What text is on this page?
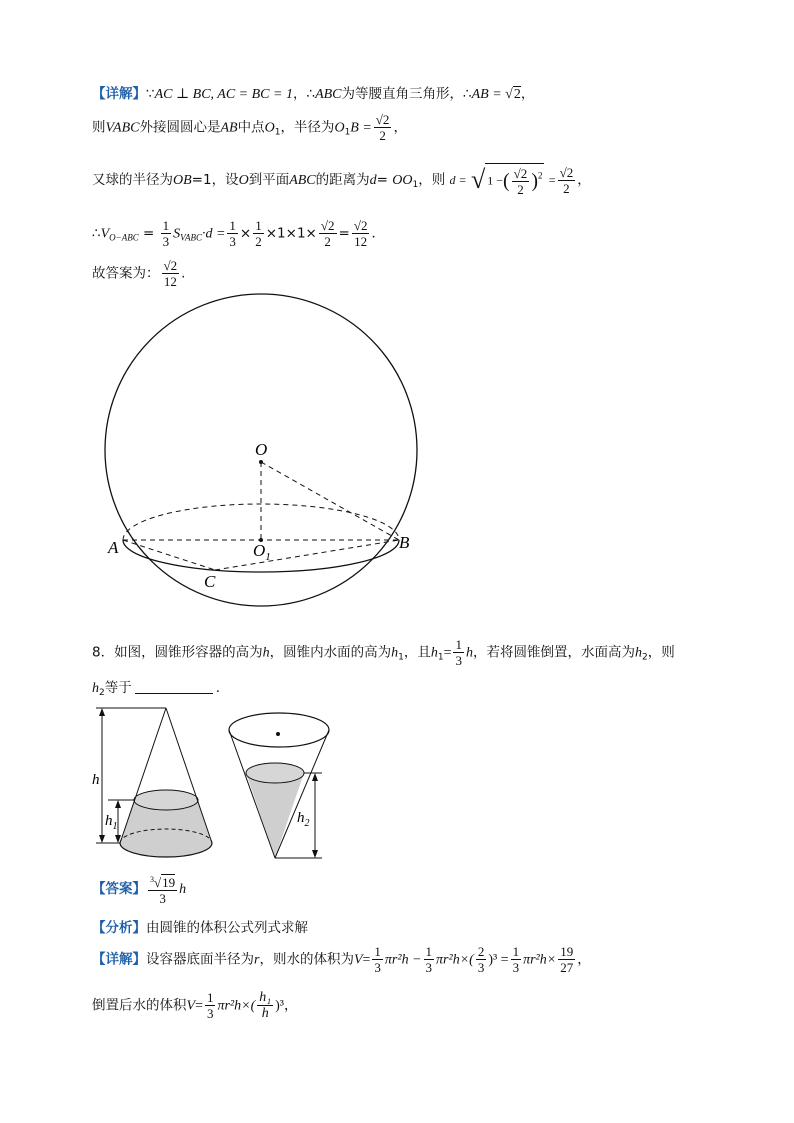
【详解】∵AC ⊥ BC, AC = BC = 1，∴ABC为等腰直角三角形，∴AB = √2，
则VABC外接圆圆心是AB中点$O_1$，半径为$O_1B = \frac{√2}{2}$ ，
又球的半径为OB=1，设O到平面ABC的距离为$d= OO_1$，则 d = √ 1 −( $\frac{√2}{2} )^2 = \frac{√2}{2}$ ，
$\therefore V_{O-ABC} = \frac{1}{3} S_{VABC}\cdot d = \frac{1}{3} \times \frac{1}{2} \times 1\times 1\times \frac{√2}{2} = \frac{√2}{12}$ ．
故答案为： $\frac{√2}{12}$ .
O
A	B
$O_1$
C
8．如图，圆锥形容器的高为h，圆锥内水面的高为$h_1$，且$h_1= \frac{1}{3}$ h，若将圆锥倒置，水面高为$h_2$，则
$h_2$等于	.
h
$h_1$
$h_2$
【答案】 $\frac{^3√19}{3}$ h
【分析】由圆锥的体积公式列式求解
【详解】设容器底面半径为r，则水的体积为$V= \frac{1}{3} \pi r^2h - \frac{1}{3} \pi r^2h\times( \frac{2}{3} )^3 = \frac{1}{3} \pi r^2h\times \frac{19}{27}$ ，
倒置后水的体积$V= \frac{1}{3} \pi r^2h\times( \frac{\text{h₁}}{h} )^3$，
